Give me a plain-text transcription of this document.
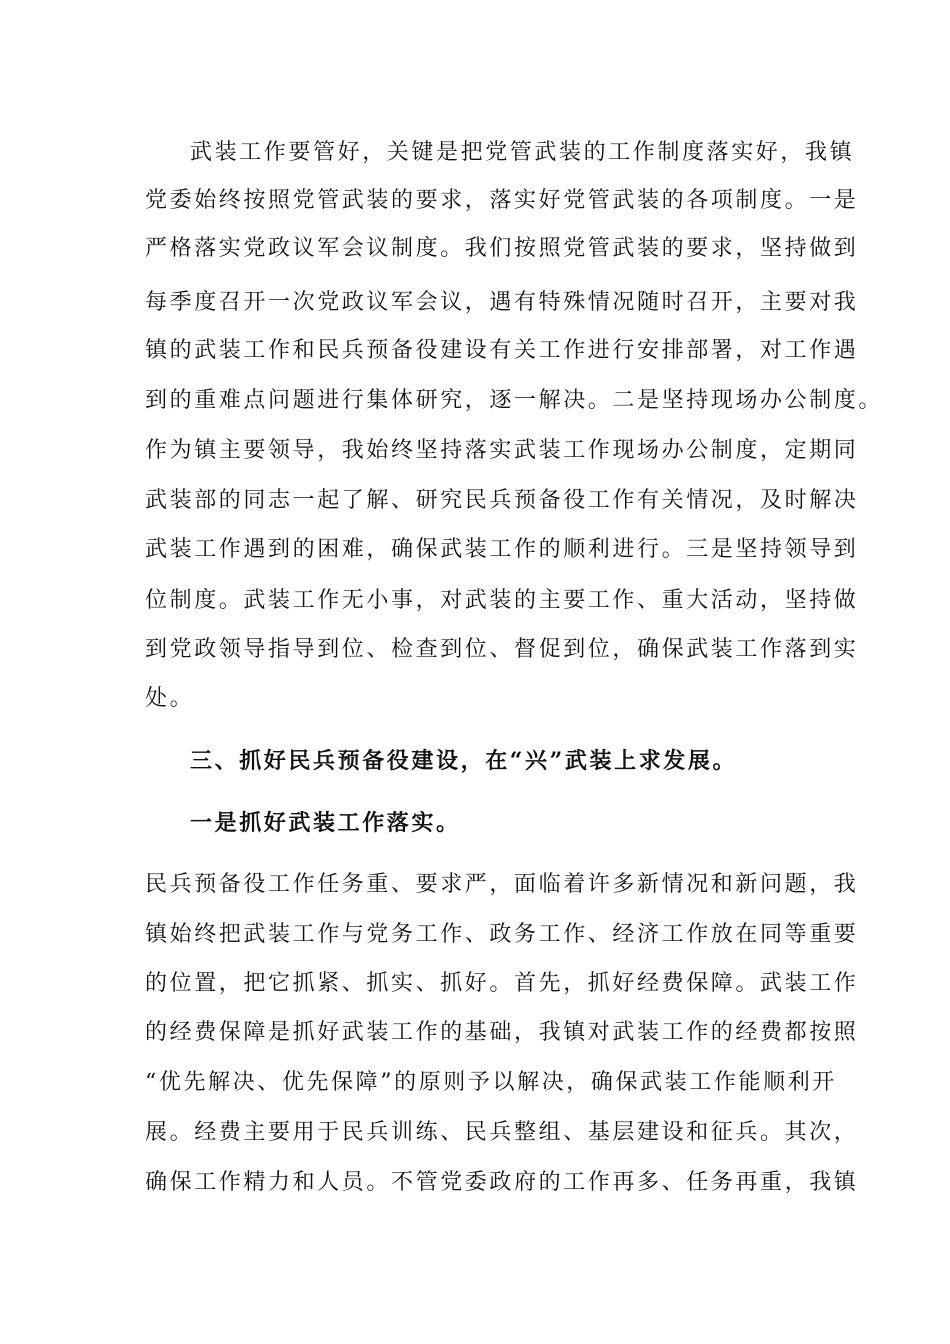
武装工作要管好，关键是把党管武装的工作制度落实好，我镇
党委始终按照党管武装的要求，落实好党管武装的各项制度。一是
严格落实党政议军会议制度。我们按照党管武装的要求，坚持做到
每季度召开一次党政议军会议，遇有特殊情况随时召开，主要对我
镇的武装工作和民兵预备役建设有关工作进行安排部署，对工作遇
到的重难点问题进行集体研究，逐一解决。二是坚持现场办公制度。
作为镇主要领导，我始终坚持落实武装工作现场办公制度，定期同
武装部的同志一起了解、研究民兵预备役工作有关情况，及时解决
武装工作遇到的困难，确保武装工作的顺利进行。三是坚持领导到
位制度。武装工作无小事，对武装的主要工作、重大活动，坚持做
到党政领导指导到位、检查到位、督促到位，确保武装工作落到实
处。
三、抓好民兵预备役建设，在“兴”武装上求发展。
一是抓好武装工作落实。
民兵预备役工作任务重、要求严，面临着许多新情况和新问题，我
镇始终把武装工作与党务工作、政务工作、经济工作放在同等重要
的位置，把它抓紧、抓实、抓好。首先，抓好经费保障。武装工作
的经费保障是抓好武装工作的基础，我镇对武装工作的经费都按照
“优先解决、优先保障”的原则予以解决，确保武装工作能顺利开
展。经费主要用于民兵训练、民兵整组、基层建设和征兵。其次，
确保工作精力和人员。不管党委政府的工作再多、任务再重，我镇
